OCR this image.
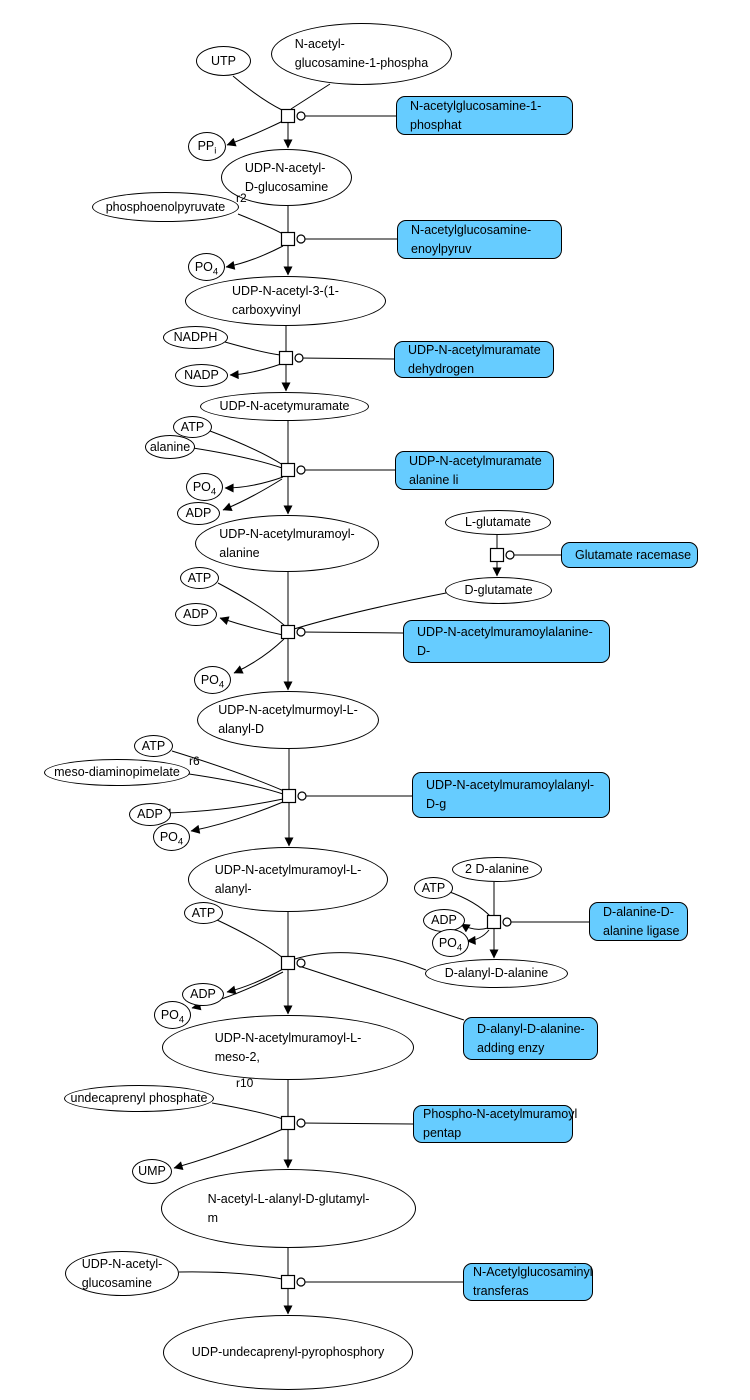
UTP
N-acetyl-
glucosamine-1-phospha
$PP_i$
UDP-N-acetyl-
D-glucosamine
phosphoenolpyruvate
$PO_4$
UDP-N-acetyl-3-(1-
carboxyvinyl
NADPH
NADP
UDP-N-acetymuramate
ATP
alanine
$PO_4$
ADP
UDP-N-acetylmuramoyl-
alanine
L-glutamate
D-glutamate
ATP
ADP
$PO_4$
UDP-N-acetylmurmoyl-L-
alanyl-D
ATP
meso-diaminopimelate
ADP
$PO_4$
UDP-N-acetylmuramoyl-L-
alanyl-
2 D-alanine
ATP
ADP
$PO_4$
D-alanyl-D-alanine
ATP
ADP
$PO_4$
UDP-N-acetylmuramoyl-L-
meso-2,
undecaprenyl phosphate
UMP
N-acetyl-L-alanyl-D-glutamyl-
m
UDP-N-acetyl-
glucosamine
UDP-undecaprenyl-pyrophosphory
N-acetylglucosamine-1-
phosphat
N-acetylglucosamine-
enoylpyruv
UDP-N-acetylmuramate
dehydrogen
UDP-N-acetylmuramate
alanine li
Glutamate racemase
UDP-N-acetylmuramoylalanine-
D-
UDP-N-acetylmuramoylalanyl-
D-g
D-alanine-D-
alanine ligase
D-alanyl-D-alanine-
adding enzy
Phospho-N-acetylmuramoyl
pentap
N-Acetylglucosaminyl
transferas
r2
r6
r10
